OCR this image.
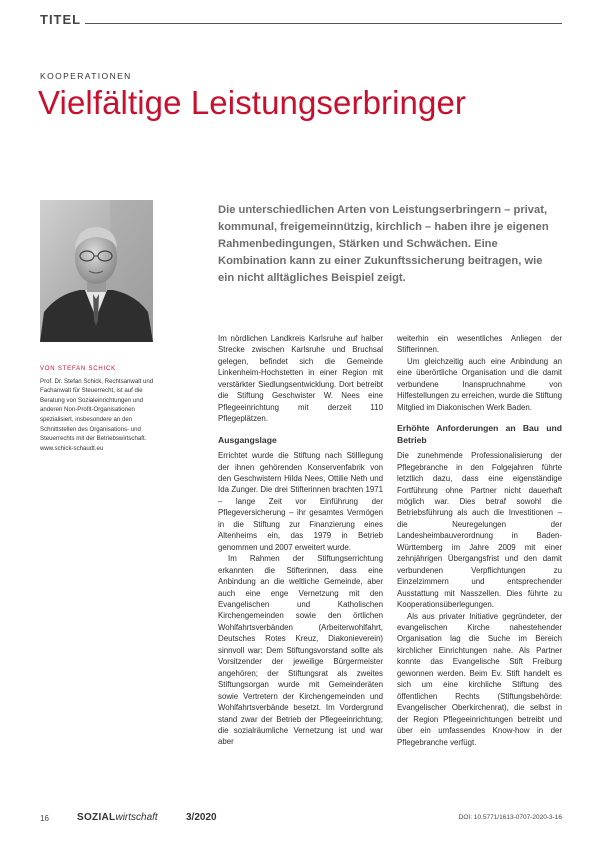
TITEL
KOOPERATIONEN
Vielfältige Leistungserbringer

Die unterschiedlichen Arten von Leistungserbringern – privat, kommunal, freigemeinnützig, kirchlich – haben ihre je eigenen Rahmenbedingungen, Stärken und Schwächen. Eine Kombination kann zu einer Zukunftssicherung beitragen, wie ein nicht alltägliches Beispiel zeigt.

VON STEFAN SCHICK
Prof. Dr. Stefan Schick, Rechtsanwalt und Fachanwalt für Steuerrecht, ist auf die Beratung von Sozialeinrichtungen und anderen Non-Profit-Organisationen spezialisiert, insbesondere an den Schnittstellen des Organisations- und Steuerrechts mit der Betriebswirtschaft. www.schick-schaudt.eu

Im nördlichen Landkreis Karlsruhe auf halber Strecke zwischen Karlsruhe und Bruchsal gelegen, befindet sich die Gemeinde Linkenheim-Hochstetten in einer Region mit verstärkter Siedlungsentwicklung. Dort betreibt die Stiftung Geschwister W. Nees eine Pflegeeinrichtung mit derzeit 110 Pflegeplätzen.

Ausgangslage

Errichtet wurde die Stiftung nach Stilllegung der ihnen gehörenden Konservenfabrik von den Geschwistern Hilda Nees, Ottilie Neth und Ida Zunger. Die drei Stifterinnen brachten 1971 – lange Zeit vor Einführung der Pflegeversicherung – ihr gesamtes Vermögen in die Stiftung zur Finanzierung eines Altenheims ein, das 1979 in Betrieb genommen und 2007 erweitert wurde.

Im Rahmen der Stiftungserrichtung erkannten die Stifterinnen, dass eine Anbindung an die weltliche Gemeinde, aber auch eine enge Vernetzung mit den Evangelischen und Katholischen Kirchengemeinden sowie den örtlichen Wohlfahrtsverbänden (Arbeiterwohlfahrt, Deutsches Rotes Kreuz, Diakonieverein) sinnvoll war: Dem Stiftungsvorstand sollte als Vorsitzender der jeweilige Bürgermeister angehören; der Stiftungsrat als zweites Stiftungsorgan wurde mit Gemeinderäten sowie Vertretern der Kirchengemeinden und Wohlfahrtsverbände besetzt. Im Vordergrund stand zwar der Betrieb der Pflegeeinrichtung; die sozialräumliche Vernetzung ist und war aber

weiterhin ein wesentliches Anliegen der Stifterinnen.

Um gleichzeitig auch eine Anbindung an eine überörtliche Organisation und die damit verbundene Inanspruchnahme von Hilfestellungen zu erreichen, wurde die Stiftung Mitglied im Diakonischen Werk Baden.

Erhöhte Anforderungen an Bau und Betrieb

Die zunehmende Professionalisierung der Pflegebranche in den Folgejahren führte letztlich dazu, dass eine eigenständige Fortführung ohne Partner nicht dauerhaft möglich war. Dies betraf sowohl die Betriebsführung als auch die Investitionen – die Neuregelungen der Landesheimbauverordnung in Baden-Württemberg im Jahre 2009 mit einer zehnjährigen Übergangsfrist und den damit verbundenen Verpflichtungen zu Einzelzimmern und entsprechender Ausstattung mit Nasszellen. Dies führte zu Kooperationsüberlegungen.

Als aus privater Initiative gegründeter, der evangelischen Kirche nahestehender Organisation lag die Suche im Bereich kirchlicher Einrichtungen nahe. Als Partner konnte das Evangelische Stift Freiburg gewonnen werden. Beim Ev. Stift handelt es sich um eine kirchliche Stiftung des öffentlichen Rechts (Stiftungsbehörde: Evangelischer Oberkirchenrat), die selbst in der Region Pflegeeinrichtungen betreibt und über ein umfassendes Know-how in der Pflegebranche verfügt.

16	SOZIALwirtschaft	3/2020	DOI: 10.5771/1613-0707-2020-3-16
